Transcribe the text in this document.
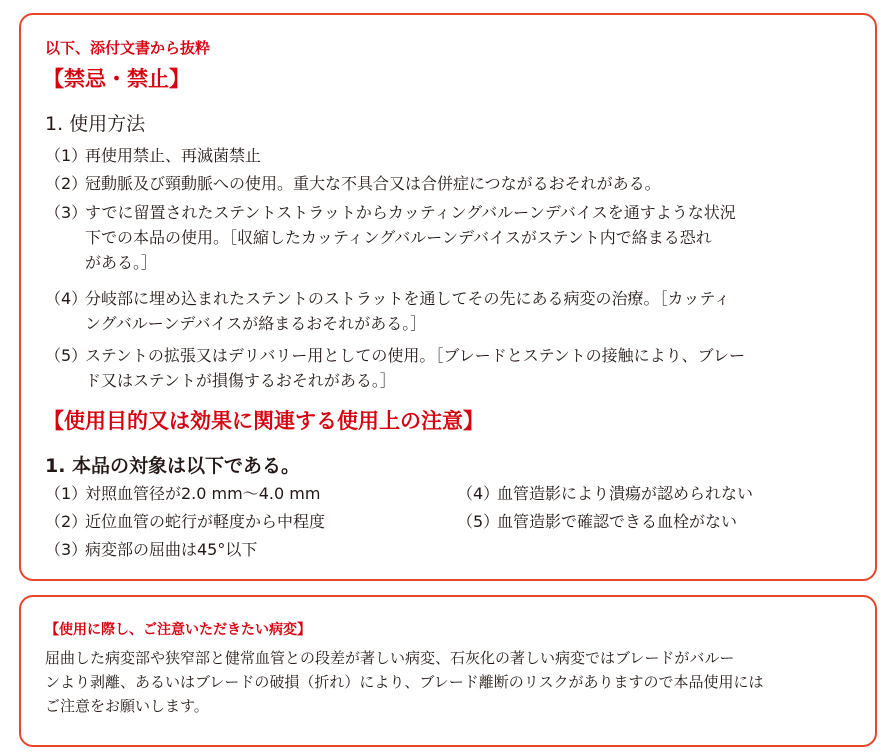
以下、添付文書から抜粋
【禁忌・禁止】
1. 使用方法
（1）
再使用禁止、再滅菌禁止
（2）
冠動脈及び頸動脈への使用。重大な不具合又は合併症につながるおそれがある。
（3）
すでに留置されたステントストラットからカッティングバルーンデバイスを通すような状況
下での本品の使用。［収縮したカッティングバルーンデバイスがステント内で絡まる恐れ
がある。］
（4）
分岐部に埋め込まれたステントのストラットを通してその先にある病変の治療。［カッティ
ングバルーンデバイスが絡まるおそれがある。］
（5）
ステントの拡張又はデリバリー用としての使用。［ブレードとステントの接触により、ブレー
ド又はステントが損傷するおそれがある。］
【使用目的又は効果に関連する使用上の注意】
1. 本品の対象は以下である。
（1）対照血管径が2.0 mm〜4.0 mm
（2）近位血管の蛇行が軽度から中程度
（3）病変部の屈曲は45°以下
（4）血管造影により潰瘍が認められない
（5）血管造影で確認できる血栓がない
【使用に際し、ご注意いただきたい病変】
屈曲した病変部や狭窄部と健常血管との段差が著しい病変、石灰化の著しい病変ではブレードがバルー
ンより剥離、あるいはブレードの破損（折れ）により、ブレード離断のリスクがありますので本品使用には
ご注意をお願いします。
